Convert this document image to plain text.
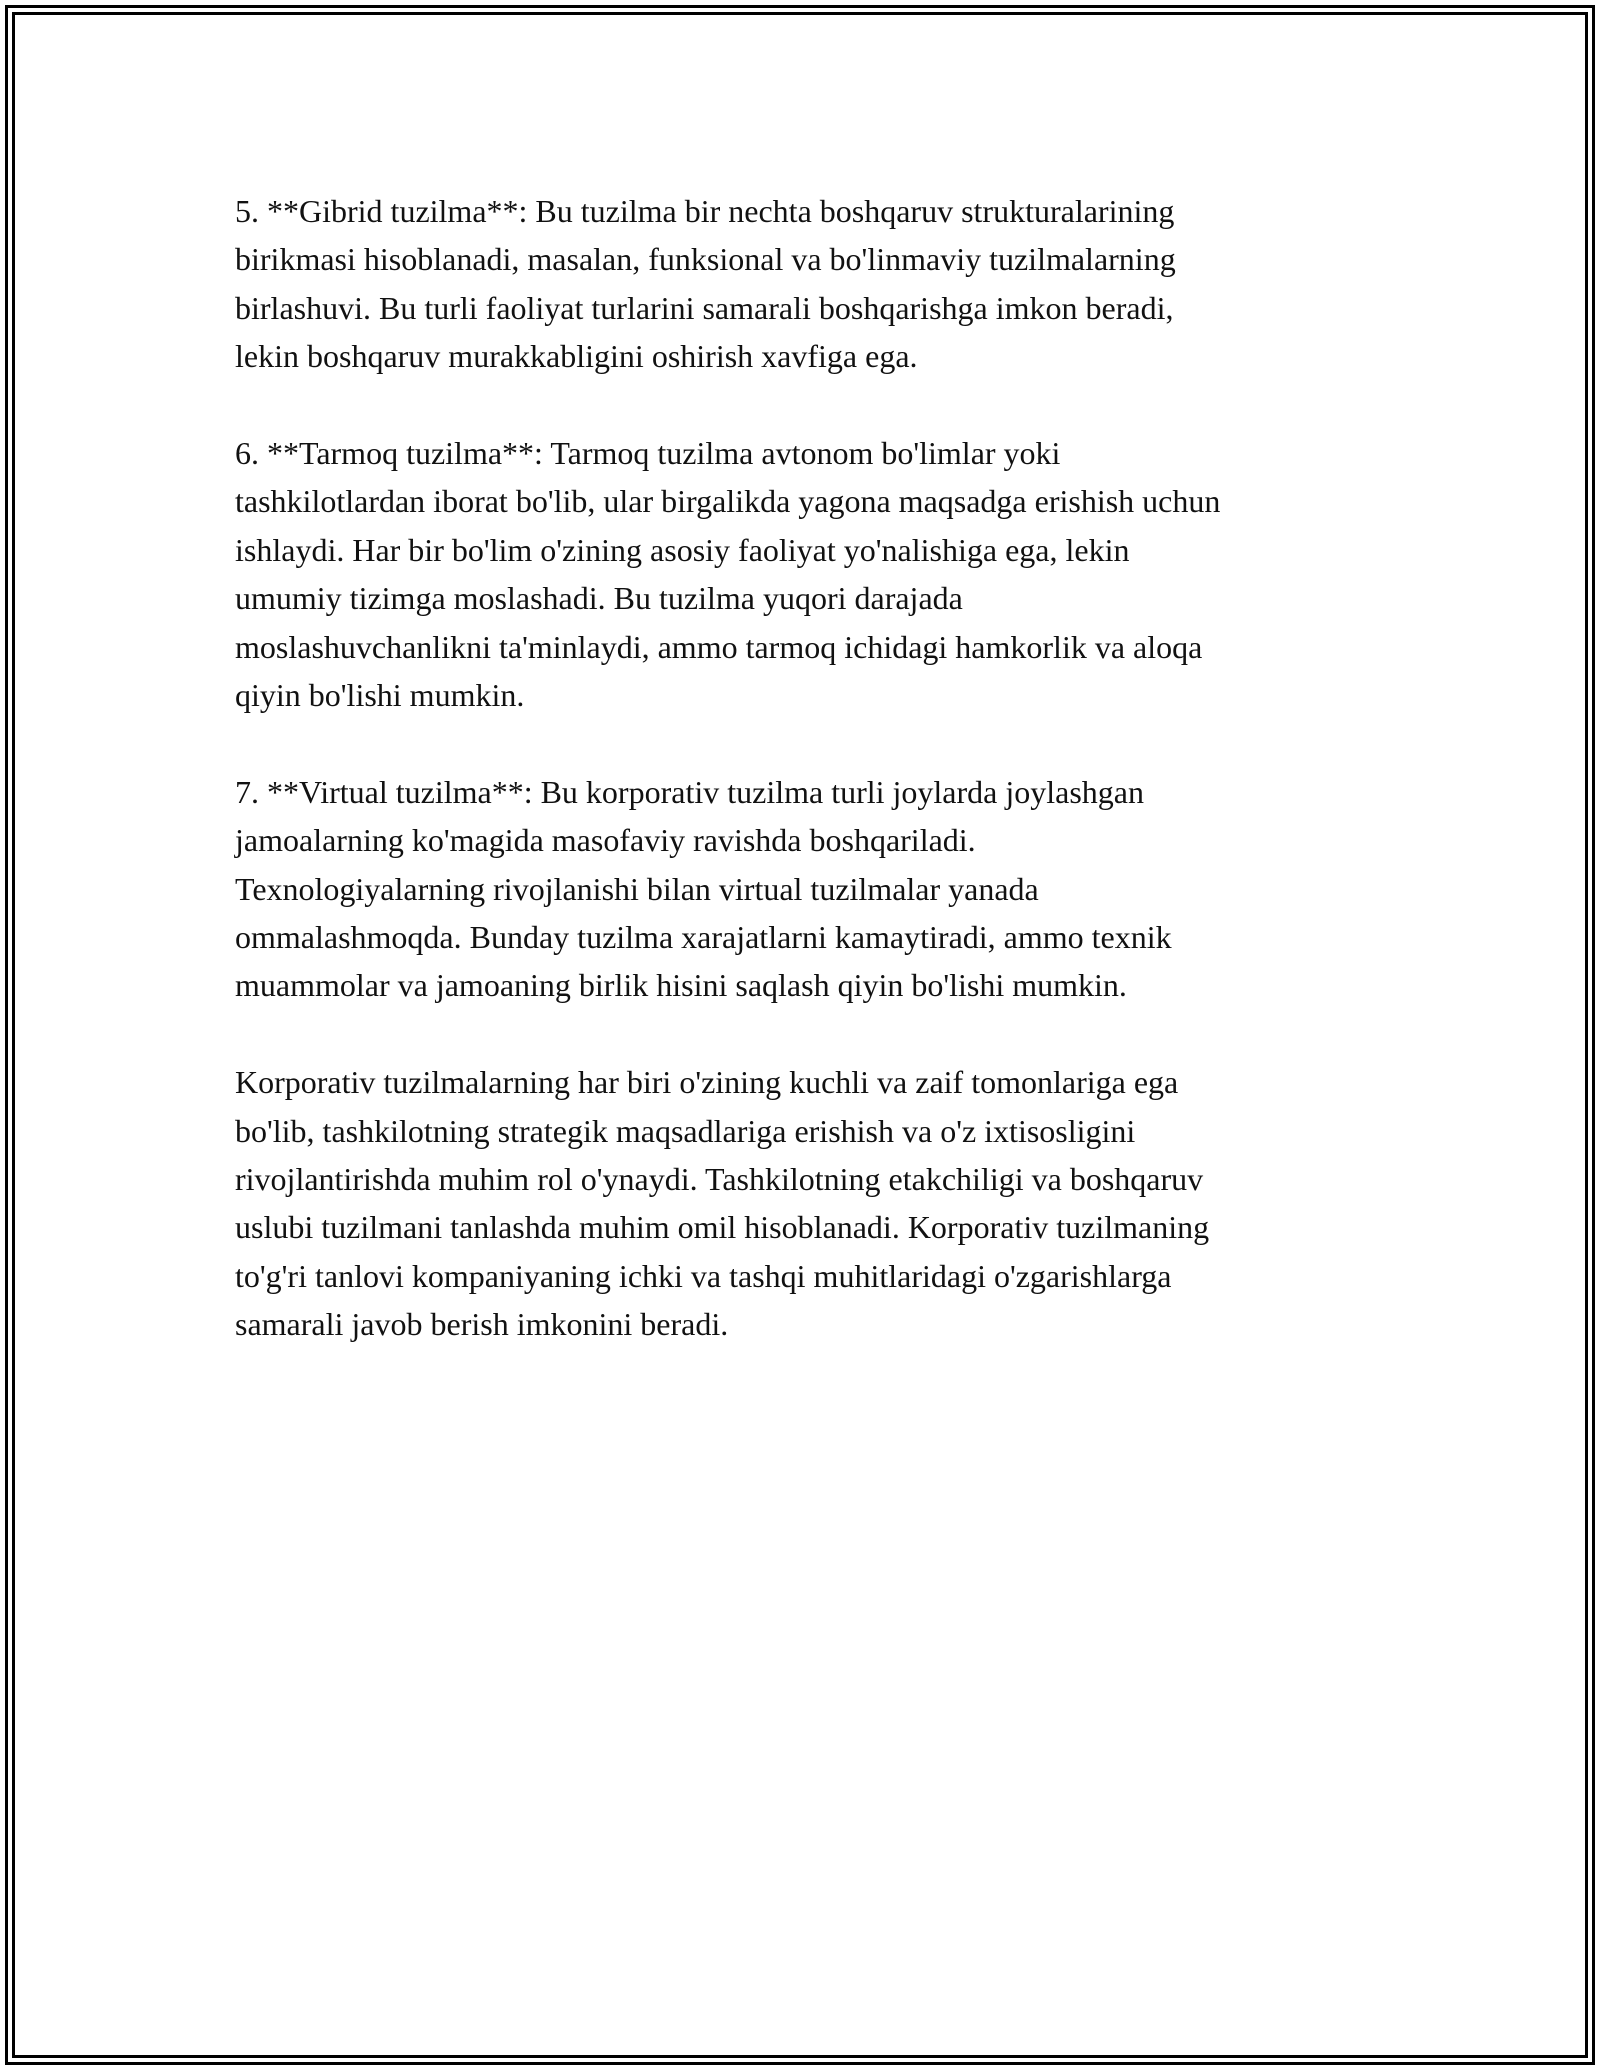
5. **Gibrid tuzilma**: Bu tuzilma bir nechta boshqaruv strukturalarining
birikmasi hisoblanadi, masalan, funksional va bo'linmaviy tuzilmalarning
birlashuvi. Bu turli faoliyat turlarini samarali boshqarishga imkon beradi,
lekin boshqaruv murakkabligini oshirish xavfiga ega.

6. **Tarmoq tuzilma**: Tarmoq tuzilma avtonom bo'limlar yoki
tashkilotlardan iborat bo'lib, ular birgalikda yagona maqsadga erishish uchun
ishlaydi. Har bir bo'lim o'zining asosiy faoliyat yo'nalishiga ega, lekin
umumiy tizimga moslashadi. Bu tuzilma yuqori darajada
moslashuvchanlikni ta'minlaydi, ammo tarmoq ichidagi hamkorlik va aloqa
qiyin bo'lishi mumkin.

7. **Virtual tuzilma**: Bu korporativ tuzilma turli joylarda joylashgan
jamoalarning ko'magida masofaviy ravishda boshqariladi.
Texnologiyalarning rivojlanishi bilan virtual tuzilmalar yanada
ommalashmoqda. Bunday tuzilma xarajatlarni kamaytiradi, ammo texnik
muammolar va jamoaning birlik hisini saqlash qiyin bo'lishi mumkin.

Korporativ tuzilmalarning har biri o'zining kuchli va zaif tomonlariga ega
bo'lib, tashkilotning strategik maqsadlariga erishish va o'z ixtisosligini
rivojlantirishda muhim rol o'ynaydi. Tashkilotning etakchiligi va boshqaruv
uslubi tuzilmani tanlashda muhim omil hisoblanadi. Korporativ tuzilmaning
to'g'ri tanlovi kompaniyaning ichki va tashqi muhitlaridagi o'zgarishlarga
samarali javob berish imkonini beradi.
